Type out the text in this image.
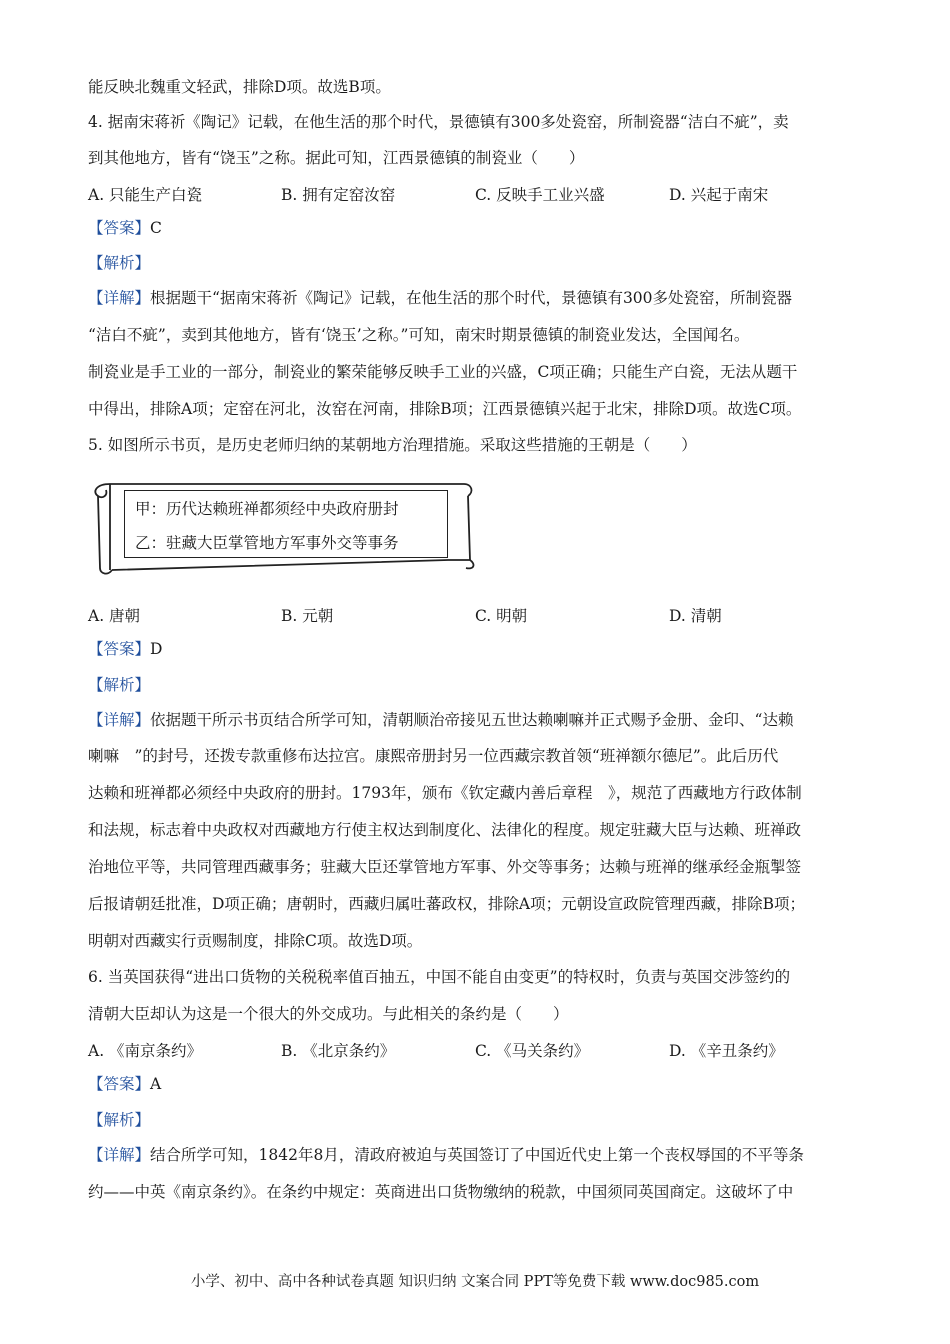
能反映北魏重文轻武，排除D项。故选B项。
4. 据南宋蒋祈《陶记》记载，在他生活的那个时代，景德镇有300多处瓷窑，所制瓷器“洁白不疵”，卖
到其他地方，皆有“饶玉”之称。据此可知，江西景德镇的制瓷业（　　）
A. 只能生产白瓷	B. 拥有定窑汝窑	C. 反映手工业兴盛	D. 兴起于南宋
【答案】C
【解析】
【详解】根据题干“据南宋蒋祈《陶记》记载，在他生活的那个时代，景德镇有300多处瓷窑，所制瓷器
“洁白不疵”，卖到其他地方，皆有‘饶玉’之称。”可知，南宋时期景德镇的制瓷业发达，全国闻名。
制瓷业是手工业的一部分，制瓷业的繁荣能够反映手工业的兴盛，C项正确；只能生产白瓷，无法从题干
中得出，排除A项；定窑在河北，汝窑在河南，排除B项；江西景德镇兴起于北宋，排除D项。故选C项。
5. 如图所示书页，是历史老师归纳的某朝地方治理措施。采取这些措施的王朝是（　　）
甲：历代达赖班禅都须经中央政府册封
乙：驻藏大臣掌管地方军事外交等事务
A. 唐朝	B. 元朝	C. 明朝	D. 清朝
【答案】D
【解析】
【详解】依据题干所示书页结合所学可知，清朝顺治帝接见五世达赖喇嘛并正式赐予金册、金印、“达赖
喇嘛　”的封号，还拨专款重修布达拉宫。康熙帝册封另一位西藏宗教首领“班禅额尔德尼”。此后历代
达赖和班禅都必须经中央政府的册封。1793年，颁布《钦定藏内善后章程　》，规范了西藏地方行政体制
和法规，标志着中央政权对西藏地方行使主权达到制度化、法律化的程度。规定驻藏大臣与达赖、班禅政
治地位平等，共同管理西藏事务；驻藏大臣还掌管地方军事、外交等事务；达赖与班禅的继承经金瓶掣签
后报请朝廷批准，D项正确；唐朝时，西藏归属吐蕃政权，排除A项；元朝设宣政院管理西藏，排除B项；
明朝对西藏实行贡赐制度，排除C项。故选D项。
6. 当英国获得“进出口货物的关税税率值百抽五，中国不能自由变更”的特权时，负责与英国交涉签约的
清朝大臣却认为这是一个很大的外交成功。与此相关的条约是（　　）
A. 《南京条约》	B. 《北京条约》	C. 《马关条约》	D. 《辛丑条约》
【答案】A
【解析】
【详解】结合所学可知，1842年8月，清政府被迫与英国签订了中国近代史上第一个丧权辱国的不平等条
约——中英《南京条约》。在条约中规定：英商进出口货物缴纳的税款，中国须同英国商定。这破坏了中
小学、初中、高中各种试卷真题 知识归纳 文案合同 PPT等免费下载 www.doc985.com
